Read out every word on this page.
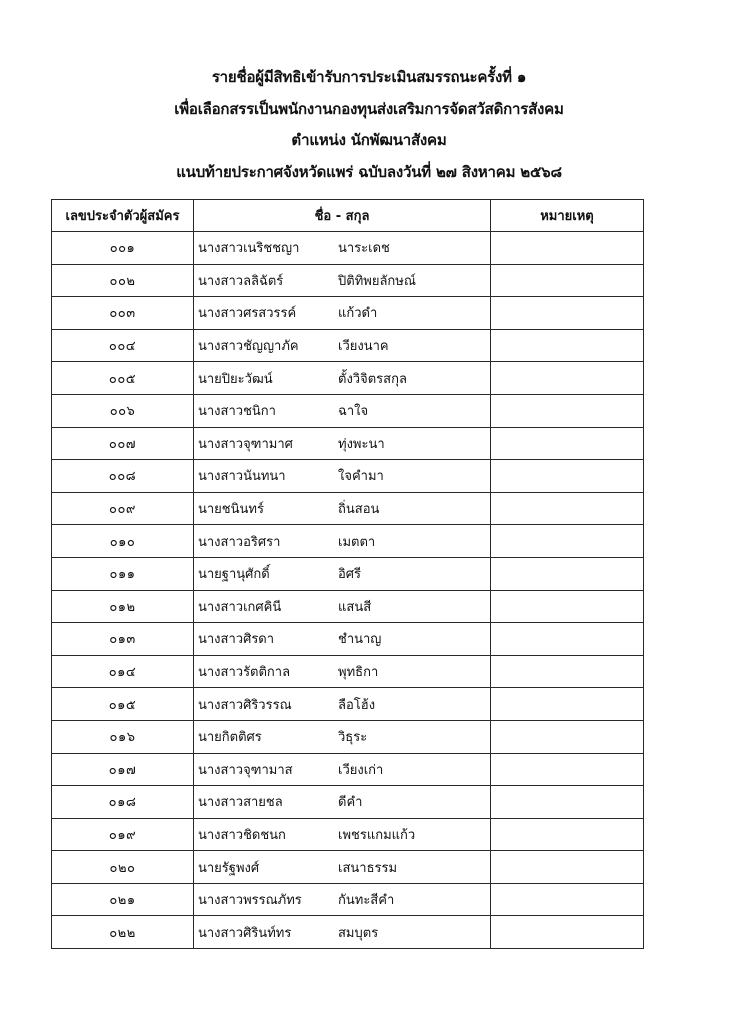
รายชื่อผู้มีสิทธิเข้ารับการประเมินสมรรถนะครั้งที่ ๑
เพื่อเลือกสรรเป็นพนักงานกองทุนส่งเสริมการจัดสวัสดิการสังคม
ตำแหน่ง นักพัฒนาสังคม
แนบท้ายประกาศจังหวัดแพร่ ฉบับลงวันที่ ๒๗ สิงหาคม ๒๕๖๘
เลขประจำตัวผู้สมัคร	ชื่อ - สกุล	หมายเหตุ
๐๐๑	นางสาวเนริชชญา นาระเดช	
๐๐๒	นางสาวลลิฉัตร์ ปิติทิพยลักษณ์	
๐๐๓	นางสาวศรสวรรค์ แก้วดำ	
๐๐๔	นางสาวชัญญาภัค เวียงนาค	
๐๐๕	นายปิยะวัฒน์ ตั้งวิจิตรสกุล	
๐๐๖	นางสาวชนิกา ฉาใจ	
๐๐๗	นางสาวจุฑามาศ ทุ่งพะนา	
๐๐๘	นางสาวนันทนา ใจคำมา	
๐๐๙	นายชนินทร์ ถิ่นสอน	
๐๑๐	นางสาวอริศรา เมตตา	
๐๑๑	นายฐานุศักดิ์ อิศรี	
๐๑๒	นางสาวเกศคินี แสนสี	
๐๑๓	นางสาวศิรดา ชำนาญ	
๐๑๔	นางสาวรัตติกาล พุทธิกา	
๐๑๕	นางสาวศิริวรรณ ลือโฮ้ง	
๐๑๖	นายกิตติศร วิธุระ	
๐๑๗	นางสาวจุฑามาส เวียงเก่า	
๐๑๘	นางสาวสายชล ดีคำ	
๐๑๙	นางสาวชิดชนก เพชรแกมแก้ว	
๐๒๐	นายรัฐพงศ์ เสนาธรรม	
๐๒๑	นางสาวพรรณภัทร กันทะสีคำ	
๐๒๒	นางสาวศิรินท์ทร สมบุตร	
